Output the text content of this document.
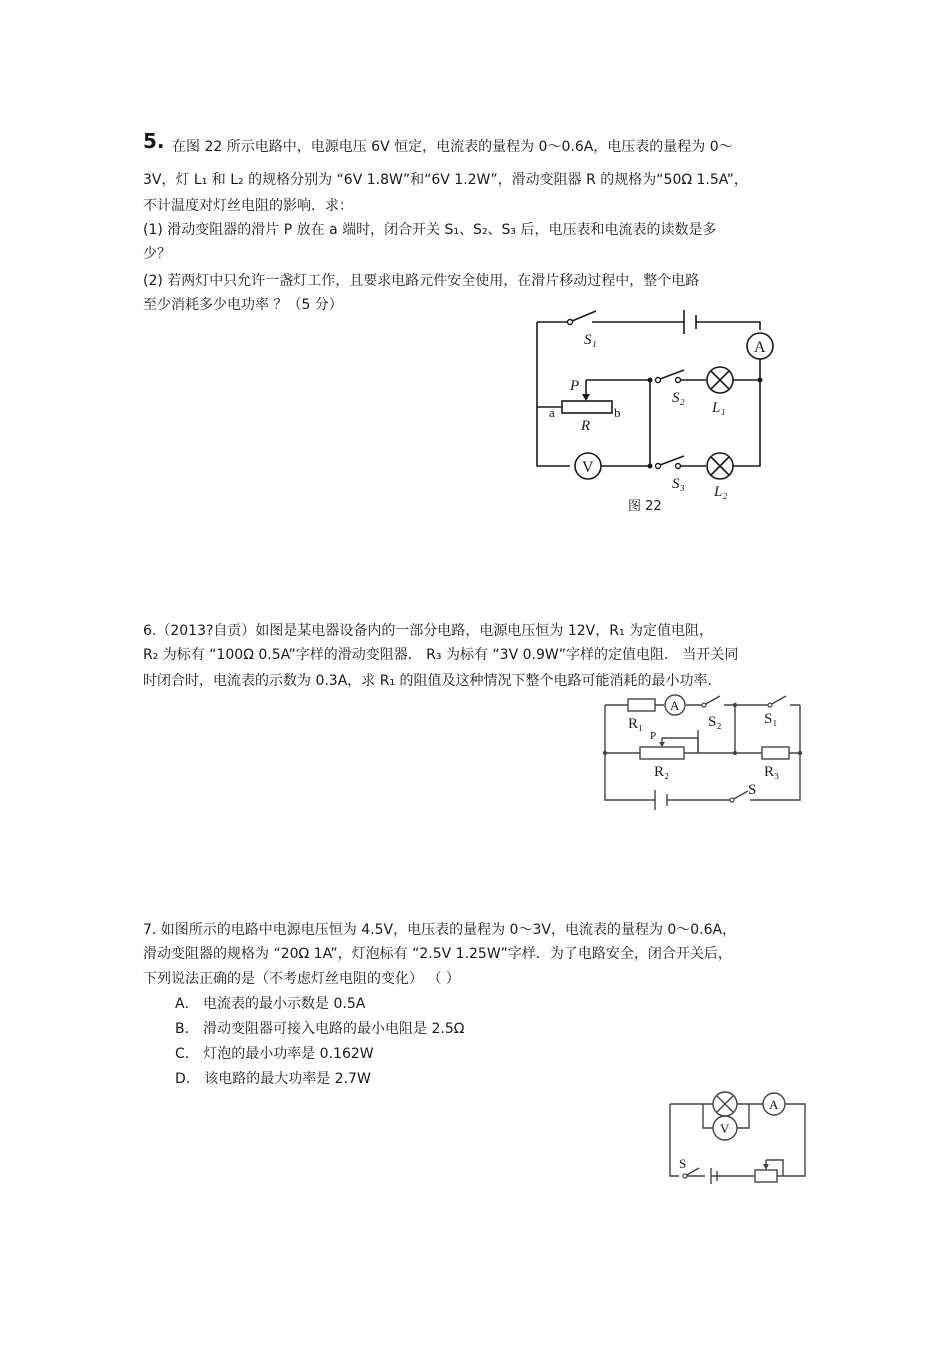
5. 在图 22 所示电路中，电源电压 6V 恒定，电流表的量程为 0～0.6A，电压表的量程为 0～
3V，灯 L₁ 和 L₂ 的规格分别为 “6V 1.8W”和“6V 1.2W”，滑动变阻器 R 的规格为“50Ω 1.5A”，
不计温度对灯丝电阻的影响．求：
(1) 滑动变阻器的滑片 P 放在 a 端时，闭合开关 S₁、S₂、S₃ 后，电压表和电流表的读数是多
少？
(2) 若两灯中只允许一盏灯工作，且要求电路元件安全使用，在滑片移动过程中，整个电路
至少消耗多少电功率 ？（5 分）
S₁	A
P
a	b
R
S₂
L₁
V
S₃ L₂
图 22
6.（2013?自贡）如图是某电器设备内的一部分电路，电源电压恒为 12V，R₁ 为定值电阻，
R₂ 为标有 “100Ω 0.5A”字样的滑动变阻器． R₃ 为标有 “3V 0.9W”字样的定值电阻． 当开关同
时闭合时，电流表的示数为 0.3A，求 R₁ 的阻值及这种情况下整个电路可能消耗的最小功率．
R₁
A
S₂	S₁
P
R₂	R₃
S
7. 如图所示的电路中电源电压恒为 4.5V，电压表的量程为 0～3V，电流表的量程为 0～0.6A，
滑动变阻器的规格为 “20Ω 1A”，灯泡标有 “2.5V 1.25W”字样．为了电路安全，闭合开关后，
下列说法正确的是（不考虑灯丝电阻的变化） （ ）
A． 电流表的最小示数是 0.5A
B． 滑动变阻器可接入电路的最小电阻是 2.5Ω
C． 灯泡的最小功率是 0.162W
D． 该电路的最大功率是 2.7W
V
A
S
